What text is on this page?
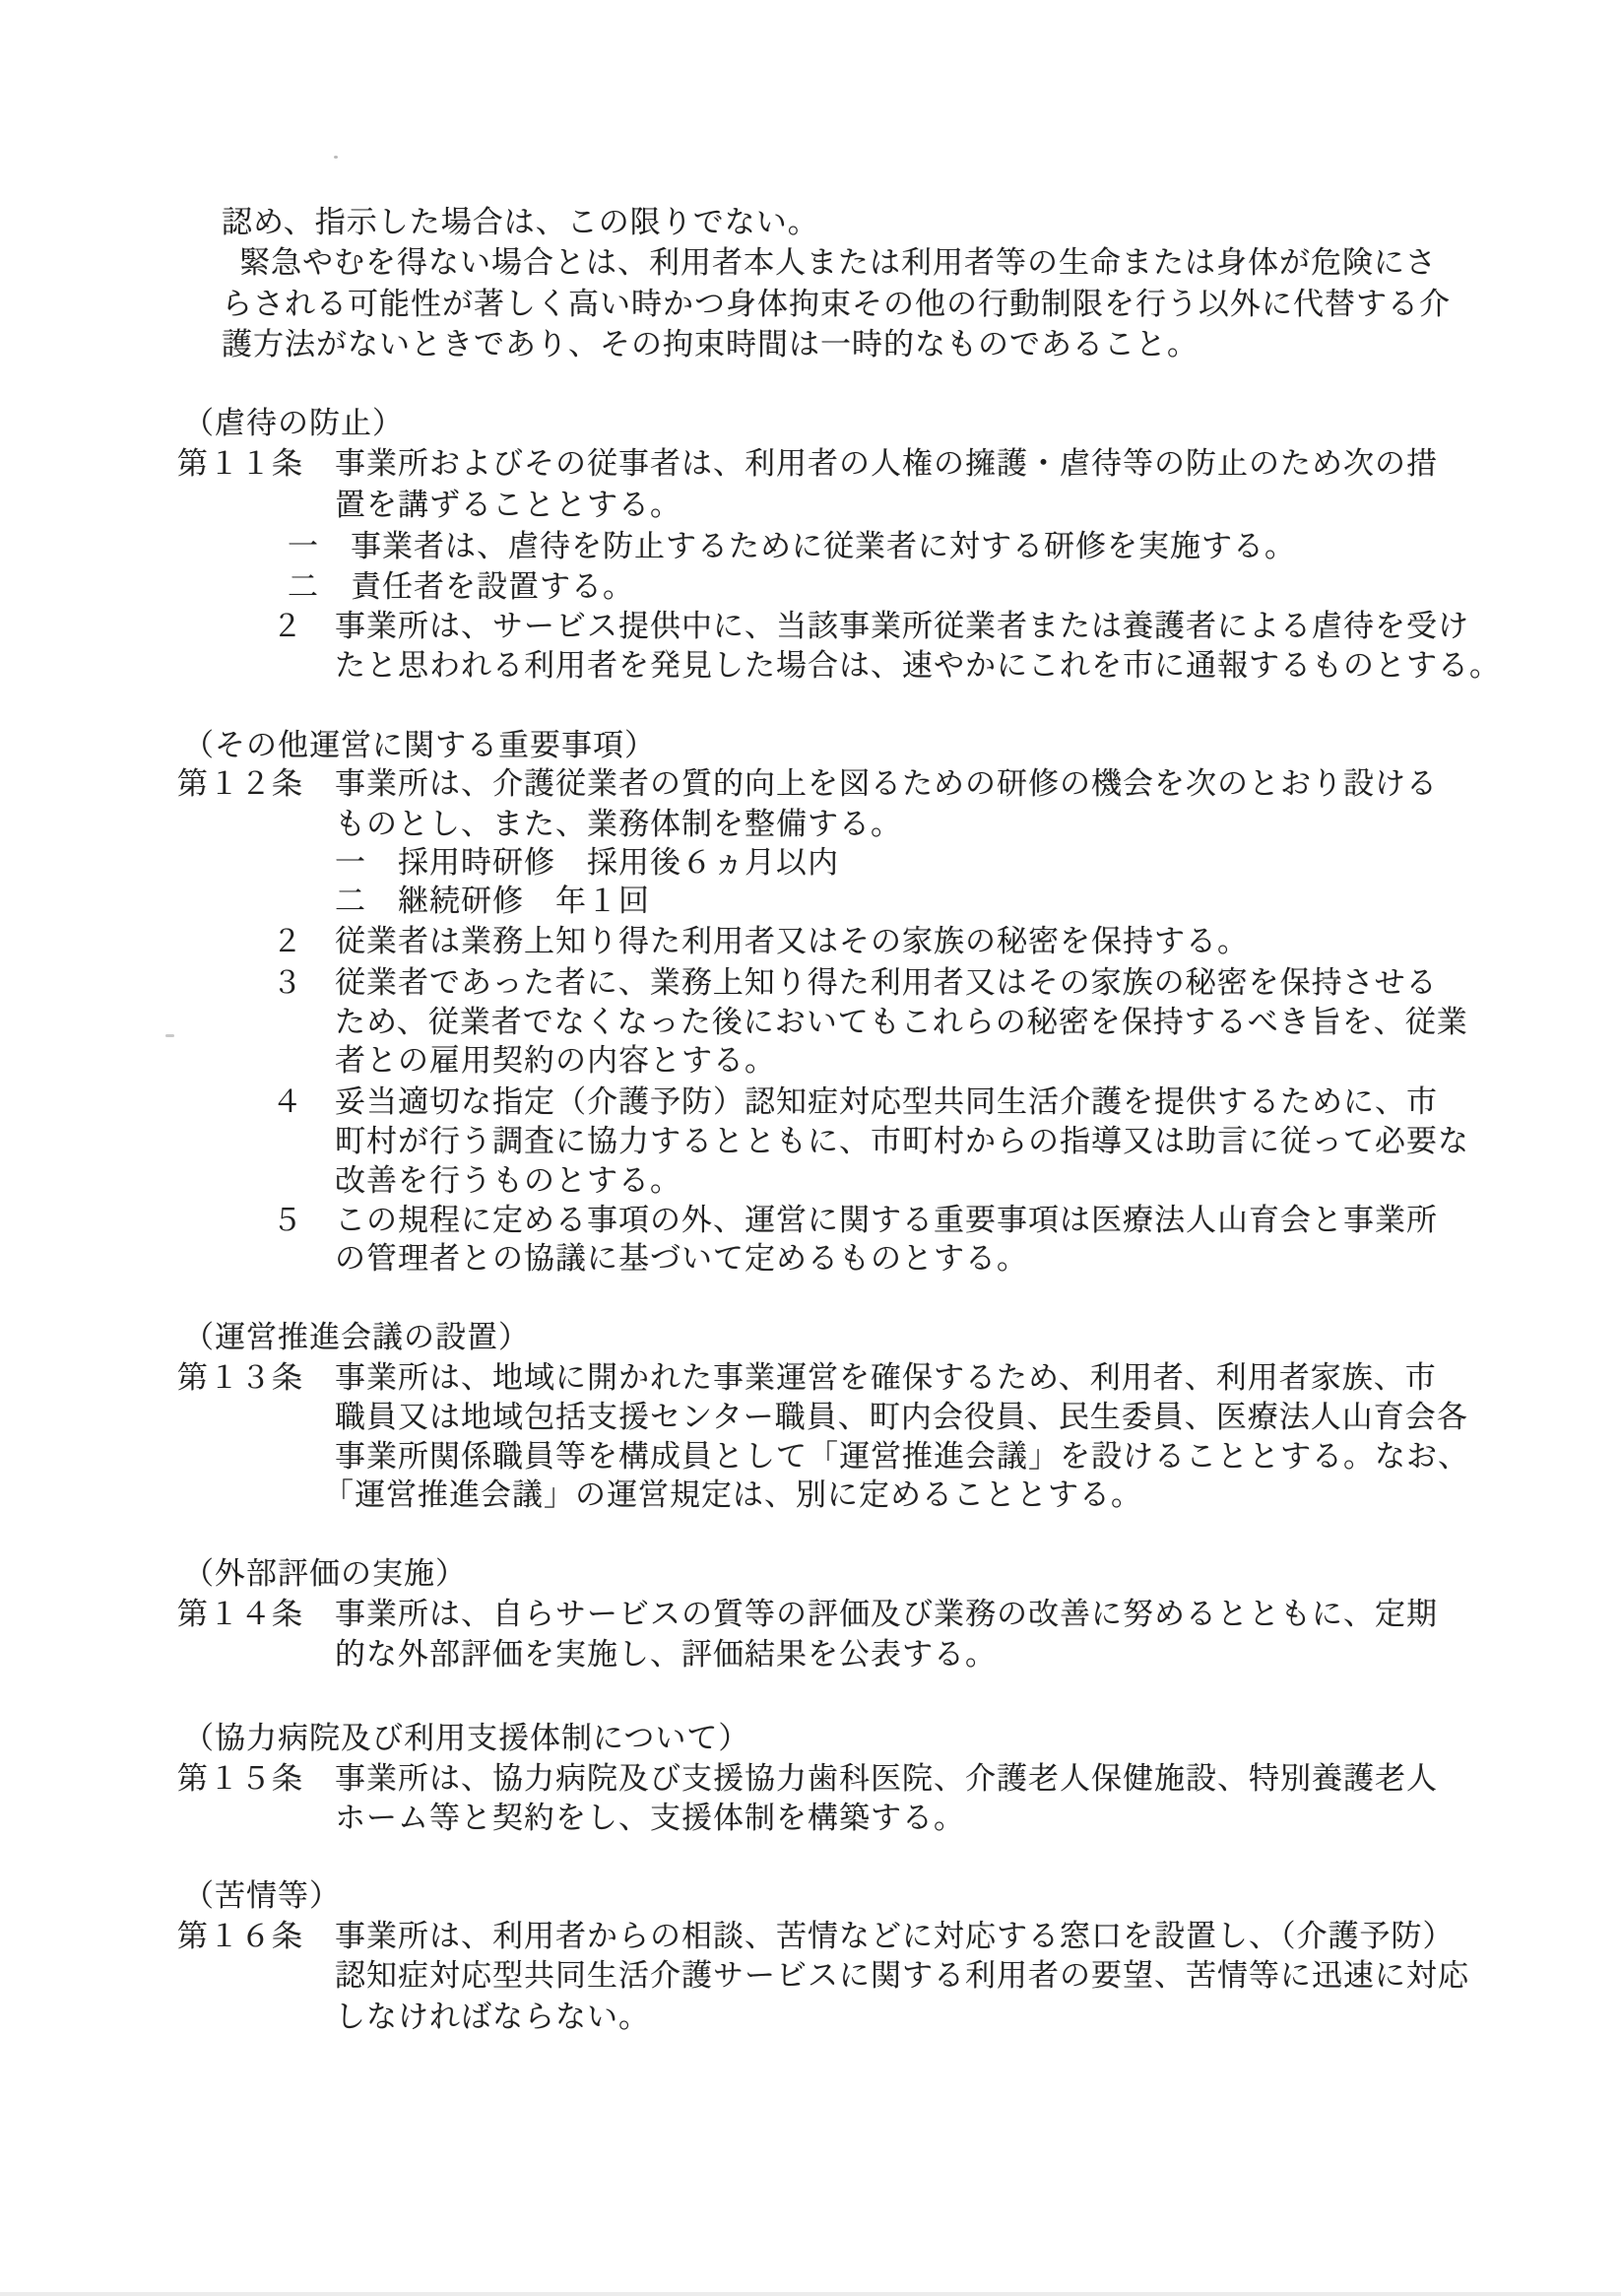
認め、指示した場合は、この限りでない。
緊急やむを得ない場合とは、利用者本人または利用者等の生命または身体が危険にさ
らされる可能性が著しく高い時かつ身体拘束その他の行動制限を行う以外に代替する介
護方法がないときであり、その拘束時間は一時的なものであること。
（虐待の防止）
第１１条　事業所およびその従事者は、利用者の人権の擁護・虐待等の防止のため次の措
置を講ずることとする。
一　事業者は、虐待を防止するために従業者に対する研修を実施する。
二　責任者を設置する。
２　事業所は、サービス提供中に、当該事業所従業者または養護者による虐待を受け
たと思われる利用者を発見した場合は、速やかにこれを市に通報するものとする。
（その他運営に関する重要事項）
第１２条　事業所は、介護従業者の質的向上を図るための研修の機会を次のとおり設ける
ものとし、また、業務体制を整備する。
一　採用時研修　採用後６ヵ月以内
二　継続研修　年１回
２　従業者は業務上知り得た利用者又はその家族の秘密を保持する。
３　従業者であった者に、業務上知り得た利用者又はその家族の秘密を保持させる
ため、従業者でなくなった後においてもこれらの秘密を保持するべき旨を、従業
者との雇用契約の内容とする。
４　妥当適切な指定（介護予防）認知症対応型共同生活介護を提供するために、市
町村が行う調査に協力するとともに、市町村からの指導又は助言に従って必要な
改善を行うものとする。
５　この規程に定める事項の外、運営に関する重要事項は医療法人山育会と事業所
の管理者との協議に基づいて定めるものとする。
（運営推進会議の設置）
第１３条　事業所は、地域に開かれた事業運営を確保するため、利用者、利用者家族、市
職員又は地域包括支援センター職員、町内会役員、民生委員、医療法人山育会各
事業所関係職員等を構成員として「運営推進会議」を設けることとする。なお、
「運営推進会議」の運営規定は、別に定めることとする。
（外部評価の実施）
第１４条　事業所は、自らサービスの質等の評価及び業務の改善に努めるとともに、定期
的な外部評価を実施し、評価結果を公表する。
（協力病院及び利用支援体制について）
第１５条　事業所は、協力病院及び支援協力歯科医院、介護老人保健施設、特別養護老人
ホーム等と契約をし、支援体制を構築する。
（苦情等）
第１６条　事業所は、利用者からの相談、苦情などに対応する窓口を設置し、（介護予防）
認知症対応型共同生活介護サービスに関する利用者の要望、苦情等に迅速に対応
しなければならない。
